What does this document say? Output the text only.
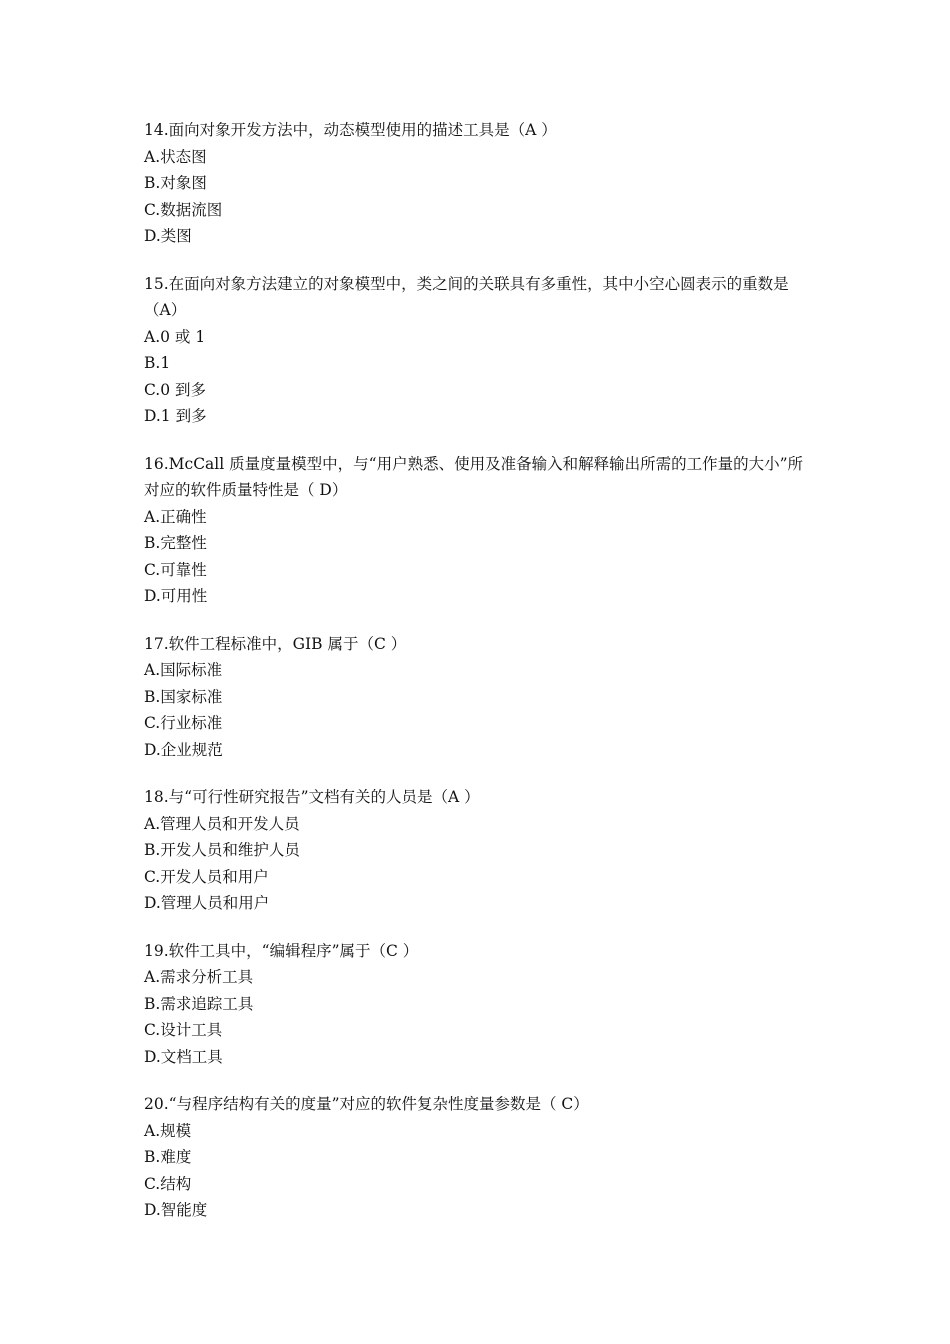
14.面向对象开发方法中，动态模型使用的描述工具是（A ）

A.状态图

B.对象图

C.数据流图

D.类图

15.在面向对象方法建立的对象模型中，类之间的关联具有多重性，其中小空心圆表示的重数是（A）

A.0 或 1

B.1

C.0 到多

D.1 到多

16.McCall 质量度量模型中，与“用户熟悉、使用及准备输入和解释输出所需的工作量的大小”所对应的软件质量特性是（ D）

A.正确性

B.完整性

C.可靠性

D.可用性

17.软件工程标准中，GIB 属于（C ）

A.国际标准

B.国家标准

C.行业标准

D.企业规范

18.与“可行性研究报告”文档有关的人员是（A ）

A.管理人员和开发人员

B.开发人员和维护人员

C.开发人员和用户

D.管理人员和用户

19.软件工具中，“编辑程序”属于（C ）

A.需求分析工具

B.需求追踪工具

C.设计工具

D.文档工具

20.“与程序结构有关的度量”对应的软件复杂性度量参数是（ C）

A.规模

B.难度

C.结构

D.智能度
